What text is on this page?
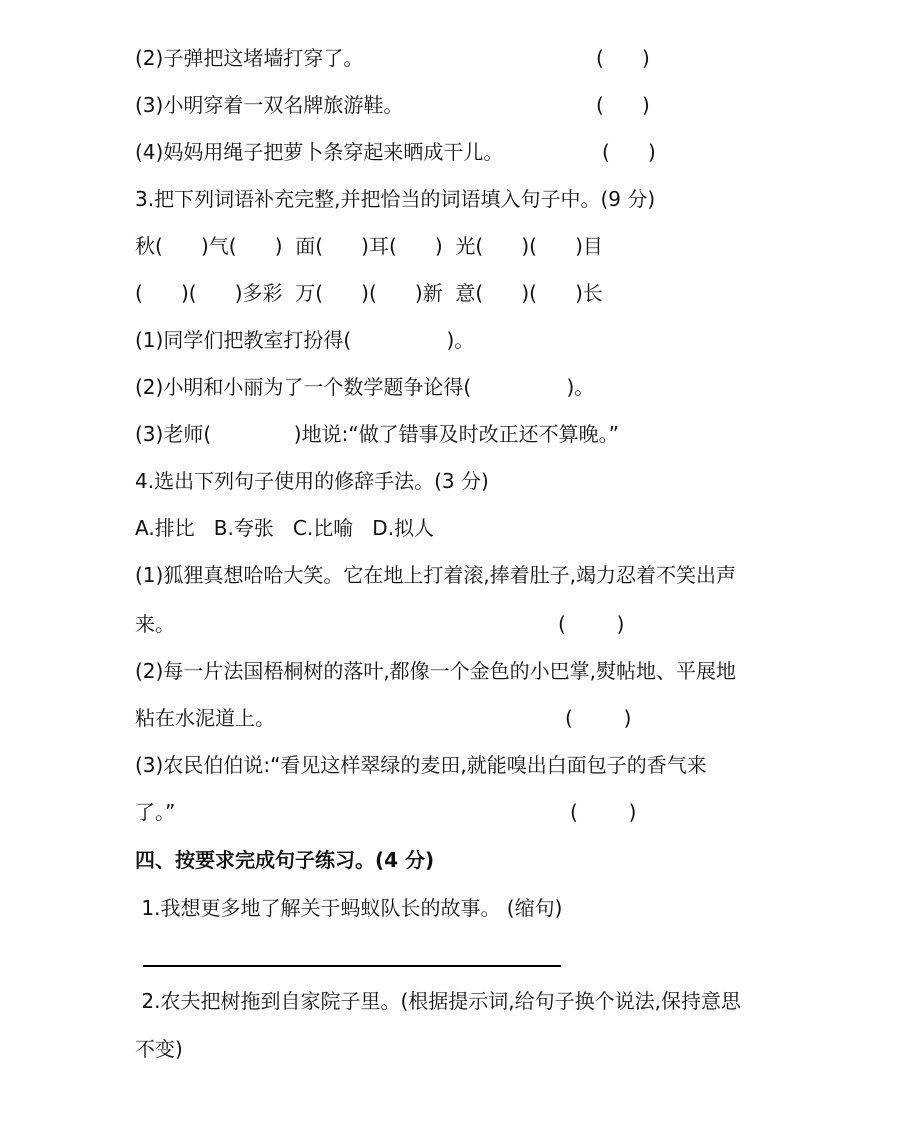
(2)子弹把这堵墙打穿了。	(      )
(3)小明穿着一双名牌旅游鞋。	(      )
(4)妈妈用绳子把萝卜条穿起来晒成干儿。	(      )
3.把下列词语补充完整,并把恰当的词语填入句子中。(9 分)
秋(      )气(      )  面(      )耳(      )  光(      )(      )目
(      )(      )多彩  万(      )(      )新  意(      )(      )长
(1)同学们把教室打扮得(               )。
(2)小明和小丽为了一个数学题争论得(               )。
(3)老师(             )地说:“做了错事及时改正还不算晚。”
4.选出下列句子使用的修辞手法。(3 分)
A.排比   B.夸张   C.比喻   D.拟人
(1)狐狸真想哈哈大笑。它在地上打着滚,捧着肚子,竭力忍着不笑出声
来。	(        )
(2)每一片法国梧桐树的落叶,都像一个金色的小巴掌,熨帖地、平展地
粘在水泥道上。	(        )
(3)农民伯伯说:“看见这样翠绿的麦田,就能嗅出白面包子的香气来
了。”	(        )
四、按要求完成句子练习。(4 分)
1.我想更多地了解关于蚂蚁队长的故事。 (缩句)
2.农夫把树拖到自家院子里。(根据提示词,给句子换个说法,保持意思
不变)
